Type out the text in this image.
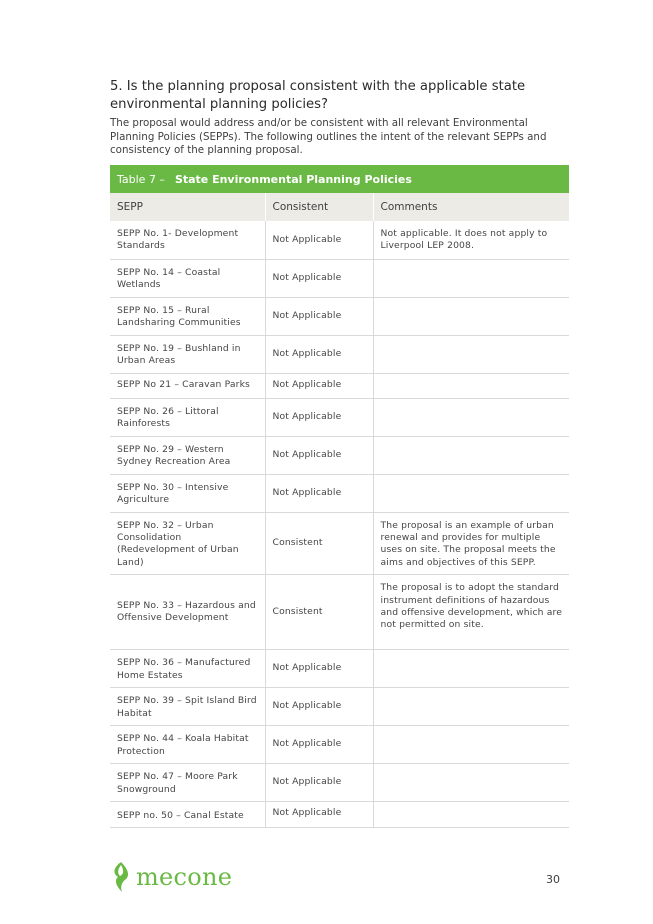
5. Is the planning proposal consistent with the applicable state environmental planning policies?

The proposal would address and/or be consistent with all relevant Environmental Planning Policies (SEPPs). The following outlines the intent of the relevant SEPPs and consistency of the planning proposal.

Table 7 – State Environmental Planning Policies		
SEPP	Consistent	Comments
SEPP No. 1- Development Standards	Not Applicable	Not applicable. It does not apply to Liverpool LEP 2008.
SEPP No. 14 – Coastal Wetlands	Not Applicable	
SEPP No. 15 – Rural Landsharing Communities	Not Applicable	
SEPP No. 19 – Bushland in Urban Areas	Not Applicable	
SEPP No 21 – Caravan Parks	Not Applicable	
SEPP No. 26 – Littoral Rainforests	Not Applicable	
SEPP No. 29 – Western Sydney Recreation Area	Not Applicable	
SEPP No. 30 – Intensive Agriculture	Not Applicable	
SEPP No. 32 – Urban Consolidation (Redevelopment of Urban Land)	Consistent	The proposal is an example of urban renewal and provides for multiple uses on site. The proposal meets the aims and objectives of this SEPP.
SEPP No. 33 – Hazardous and Offensive Development	Consistent	The proposal is to adopt the standard instrument definitions of hazardous and offensive development, which are not permitted on site.
SEPP No. 36 – Manufactured Home Estates	Not Applicable	
SEPP No. 39 – Spit Island Bird Habitat	Not Applicable	
SEPP No. 44 – Koala Habitat Protection	Not Applicable	
SEPP No. 47 – Moore Park Snowground	Not Applicable	
SEPP no. 50 – Canal Estate	Not Applicable	
mecone	30
